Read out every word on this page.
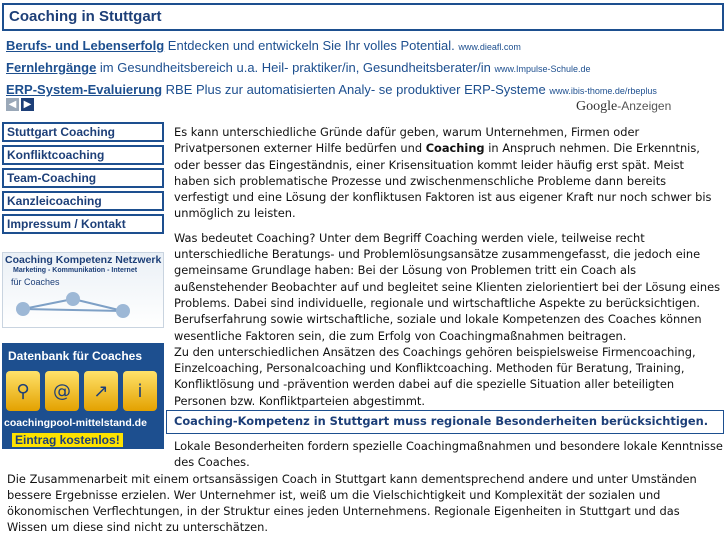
Coaching in Stuttgart
Berufs- und Lebenserfolg Entdecken und entwickeln Sie Ihr volles Potential. www.dieafl.com
Fernlehrgänge im Gesundheitsbereich u.a. Heil- praktiker/in, Gesundheitsberater/in www.Impulse-Schule.de
ERP-System-Evaluierung RBE Plus zur automatisierten Analy- se produktiver ERP-Systeme www.ibis-thome.de/rbeplus
◀ ▶	Google-Anzeigen
Stuttgart Coaching
Konfliktcoaching
Team-Coaching
Kanzleicoaching
Impressum / Kontakt
Coaching Kompetenz Netzwerk
Marketing - Kommunikation - Internet
für Coaches
Datenbank für Coaches
⚲	@	↗	i
coachingpool-mittelstand.de
Eintrag kostenlos!

Es kann unterschiedliche Gründe dafür geben, warum Unternehmen, Firmen oder Privatpersonen externer Hilfe bedürfen und Coaching in Anspruch nehmen. Die Erkenntnis, oder besser das Eingeständnis, einer Krisensituation kommt leider häufig erst spät. Meist haben sich problematische Prozesse und zwischenmenschliche Probleme dann bereits verfestigt und eine Lösung der konfliktusen Faktoren ist aus eigener Kraft nur noch schwer bis unmöglich zu leisten.

Was bedeutet Coaching? Unter dem Begriff Coaching werden viele, teilweise recht unterschiedliche Beratungs- und Problemlösungsansätze zusammengefasst, die jedoch eine gemeinsame Grundlage haben: Bei der Lösung von Problemen tritt ein Coach als außenstehender Beobachter auf und begleitet seine Klienten zielorientiert bei der Lösung eines Problems. Dabei sind individuelle, regionale und wirtschaftliche Aspekte zu berücksichtigen. Berufserfahrung sowie wirtschaftliche, soziale und lokale Kompetenzen des Coaches können wesentliche Faktoren sein, die zum Erfolg von Coachingmaßnahmen beitragen.

Zu den unterschiedlichen Ansätzen des Coachings gehören beispielsweise Firmencoaching, Einzelcoaching, Personalcoaching und Konfliktcoaching. Methoden für Beratung, Training, Konfliktlösung und -prävention werden dabei auf die spezielle Situation aller beteiligten Personen bzw. Konfliktparteien abgestimmt.

Coaching-Kompetenz in Stuttgart muss regionale Besonderheiten berücksichtigen.
Lokale Besonderheiten fordern spezielle Coachingmaßnahmen und besondere lokale Kenntnisse des Coaches.
Die Zusammenarbeit mit einem ortsansässigen Coach in Stuttgart kann dementsprechend andere und unter Umständen bessere Ergebnisse erzielen. Wer Unternehmer ist, weiß um die Vielschichtigkeit und Komplexität der sozialen und ökonomischen Verflechtungen, in der Struktur eines jeden Unternehmens. Regionale Eigenheiten in Stuttgart und das Wissen um diese sind nicht zu unterschätzen.
